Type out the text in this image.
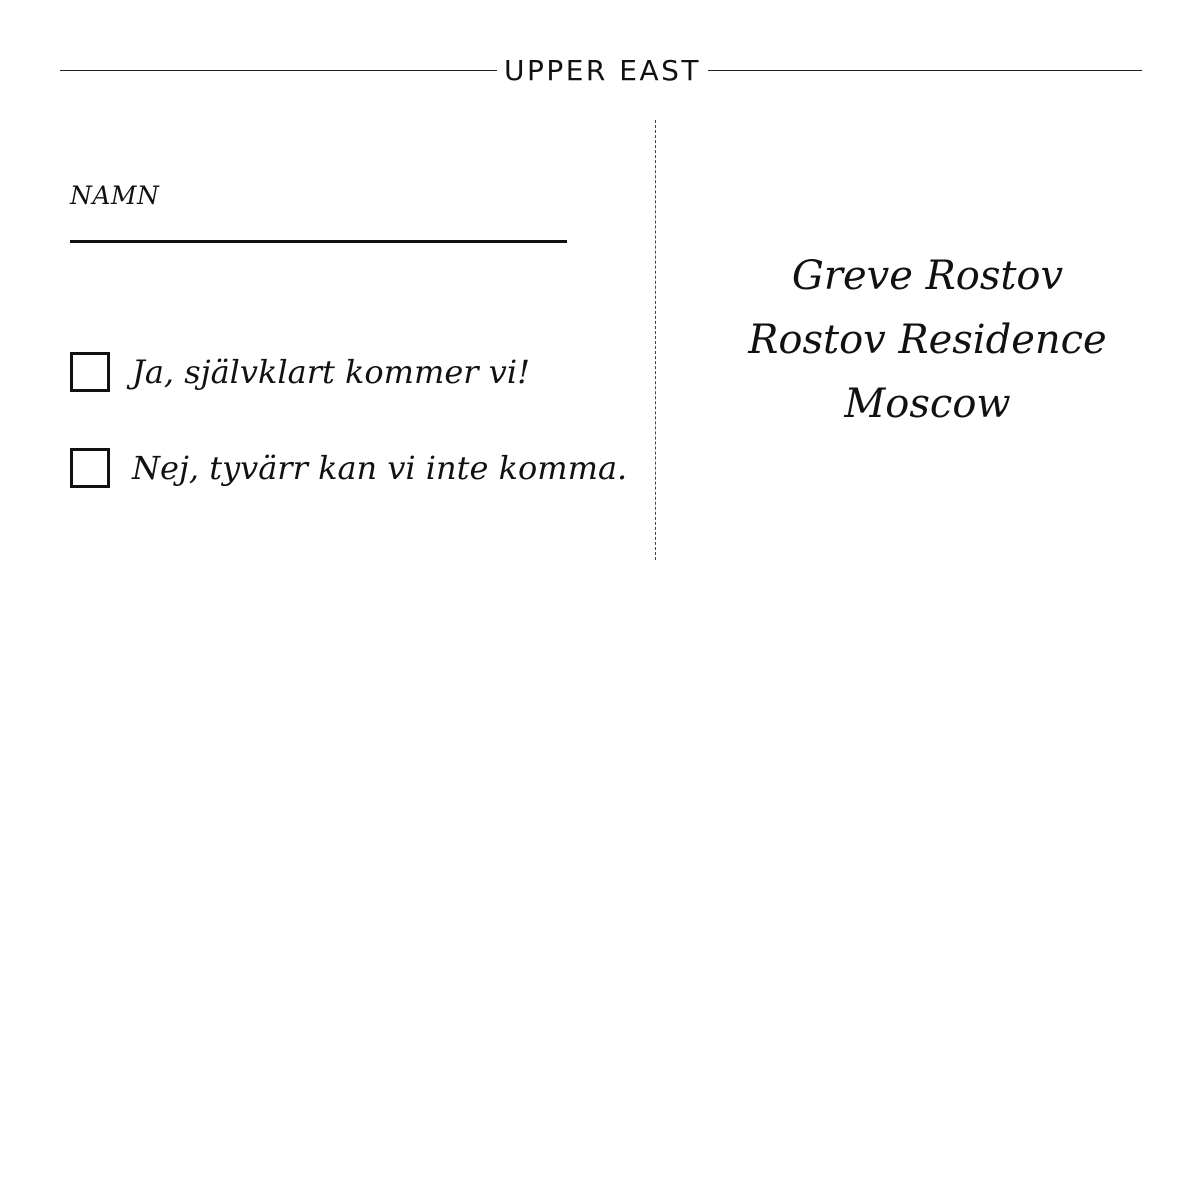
UPPER EAST
NAMN
Ja, självklart kommer vi!
Nej, tyvärr kan vi inte komma.
Greve Rostov
Rostov Residence
Moscow
